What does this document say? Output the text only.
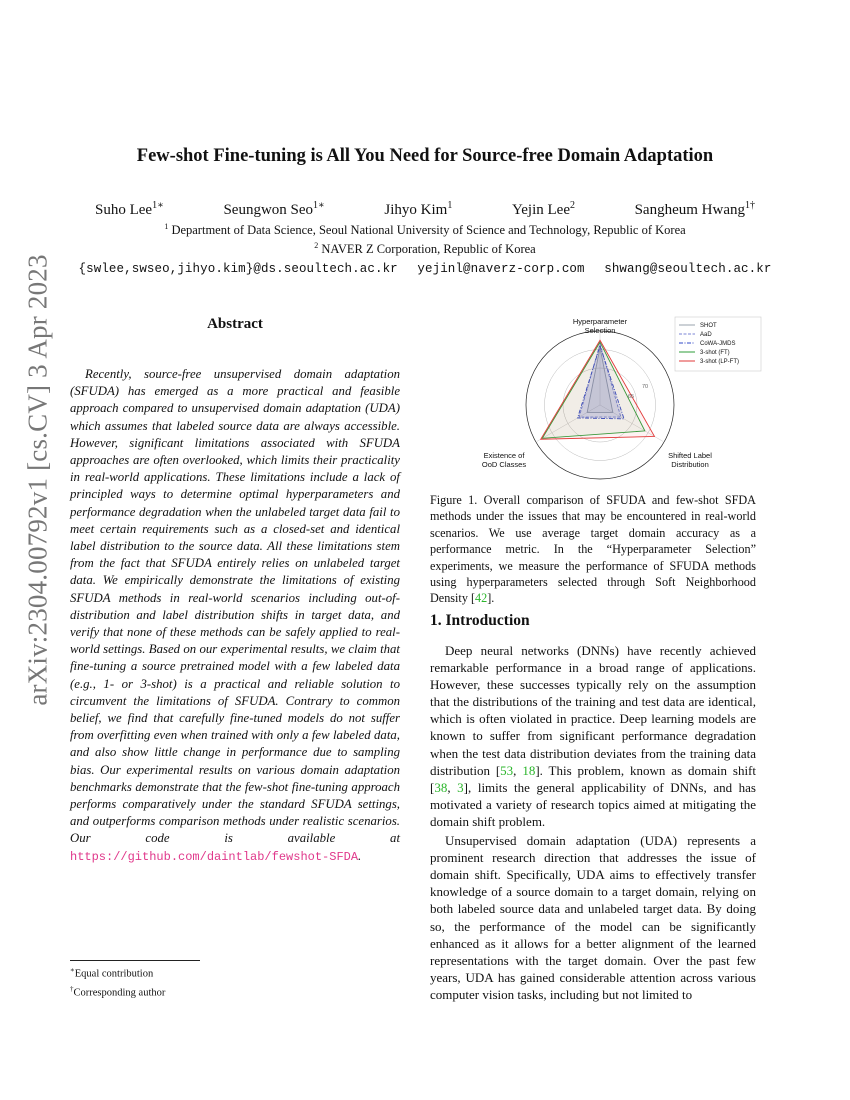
arXiv:2304.00792v1 [cs.CV] 3 Apr 2023
Few-shot Fine-tuning is All You Need for Source-free Domain Adaptation
Suho Lee$^{1∗}$	Seungwon Seo$^{1∗}$	Jihyo Kim$^1$	Yejin Lee$^2$	Sangheum Hwang$^{1\dagger}$
$^1$ Department of Data Science, Seoul National University of Science and Technology, Republic of Korea
$^2$ NAVER Z Corporation, Republic of Korea
{swlee,swseo,jihyo.kim}@ds.seoultech.ac.kr yejinl@naverz-corp.com shwang@seoultech.ac.kr
Abstract

Recently, source-free unsupervised domain adaptation (SFUDA) has emerged as a more practical and feasible approach compared to unsupervised domain adaptation (UDA) which assumes that labeled source data are always accessible. However, significant limitations associated with SFUDA approaches are often overlooked, which limits their practicality in real-world applications. These limitations include a lack of principled ways to determine optimal hyperparameters and performance degradation when the unlabeled target data fail to meet certain requirements such as a closed-set and identical label distribution to the source data. All these limitations stem from the fact that SFUDA entirely relies on unlabeled target data. We empirically demonstrate the limitations of existing SFUDA methods in real-world scenarios including out-of-distribution and label distribution shifts in target data, and verify that none of these methods can be safely applied to real-world settings. Based on our experimental results, we claim that fine-tuning a source pretrained model with a few labeled data (e.g., 1- or 3-shot) is a practical and reliable solution to circumvent the limitations of SFUDA. Contrary to common belief, we find that carefully fine-tuned models do not suffer from overfitting even when trained with only a few labeled data, and also show little change in performance due to sampling bias. Our experimental results on various domain adaptation benchmarks demonstrate that the few-shot fine-tuning approach performs comparatively under the standard SFUDA settings, and outperforms comparison methods under realistic scenarios. Our code is available at https://github.com/daintlab/fewshot-SFDA.

∗Equal contribution
†Corresponding author
Hyperparameter Selection
Existence of OoD Classes
Shifted Label Distribution
70
65
SHOT
AaD
CoWA-JMDS
3-shot (FT)
3-shot (LP-FT)
Figure 1. Overall comparison of SFUDA and few-shot SFDA methods under the issues that may be encountered in real-world scenarios. We use average target domain accuracy as a performance metric. In the “Hyperparameter Selection” experiments, we measure the performance of SFUDA methods using hyperparameters selected through Soft Neighborhood Density [42].
1. Introduction

Deep neural networks (DNNs) have recently achieved remarkable performance in a broad range of applications. However, these successes typically rely on the assumption that the distributions of the training and test data are identical, which is often violated in practice. Deep learning models are known to suffer from significant performance degradation when the test data distribution deviates from the training data distribution [53, 18]. This problem, known as domain shift [38, 3], limits the general applicability of DNNs, and has motivated a variety of research topics aimed at mitigating the domain shift problem.

Unsupervised domain adaptation (UDA) represents a prominent research direction that addresses the issue of domain shift. Specifically, UDA aims to effectively transfer knowledge of a source domain to a target domain, relying on both labeled source data and unlabeled target data. By doing so, the performance of the model can be significantly enhanced as it allows for a better alignment of the learned representations with the target domain. Over the past few years, UDA has gained considerable attention across various computer vision tasks, including but not limited to
